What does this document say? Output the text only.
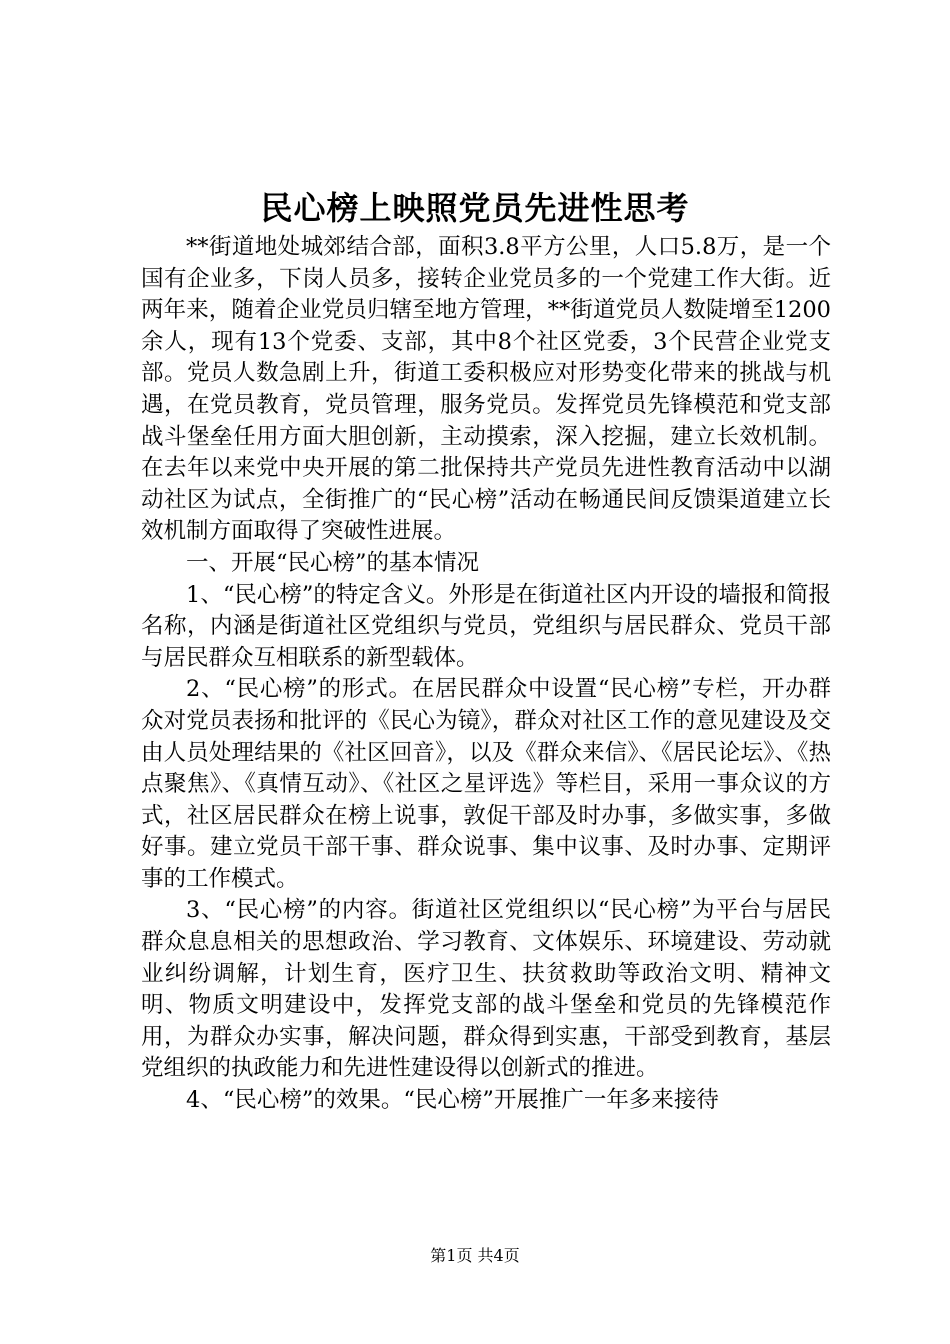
民心榜上映照党员先进性思考

**街道地处城郊结合部，面积3.8平方公里，人口5.8万，是一个国有企业多，下岗人员多，接转企业党员多的一个党建工作大街。近两年来，随着企业党员归辖至地方管理，**街道党员人数陡增至1200余人，现有13个党委、支部，其中8个社区党委，3个民营企业党支部。党员人数急剧上升，街道工委积极应对形势变化带来的挑战与机遇，在党员教育，党员管理，服务党员。发挥党员先锋模范和党支部战斗堡垒任用方面大胆创新，主动摸索，深入挖掘，建立长效机制。在去年以来党中央开展的第二批保持共产党员先进性教育活动中以湖动社区为试点，全街推广的“民心榜”活动在畅通民间反馈渠道建立长效机制方面取得了突破性进展。

一、开展“民心榜”的基本情况

1、“民心榜”的特定含义。外形是在街道社区内开设的墙报和简报名称，内涵是街道社区党组织与党员，党组织与居民群众、党员干部与居民群众互相联系的新型载体。

2、“民心榜”的形式。在居民群众中设置“民心榜”专栏，开办群众对党员表扬和批评的《民心为镜》，群众对社区工作的意见建设及交由人员处理结果的《社区回音》，以及《群众来信》、《居民论坛》、《热点聚焦》、《真情互动》、《社区之星评选》等栏目，采用一事众议的方式，社区居民群众在榜上说事，敦促干部及时办事，多做实事，多做好事。建立党员干部干事、群众说事、集中议事、及时办事、定期评事的工作模式。

3、“民心榜”的内容。街道社区党组织以“民心榜”为平台与居民群众息息相关的思想政治、学习教育、文体娱乐、环境建设、劳动就业纠纷调解，计划生育，医疗卫生、扶贫救助等政治文明、精神文明、物质文明建设中，发挥党支部的战斗堡垒和党员的先锋模范作用，为群众办实事，解决问题，群众得到实惠，干部受到教育，基层党组织的执政能力和先进性建设得以创新式的推进。

4、“民心榜”的效果。“民心榜”开展推广一年多来接待

第1页 共4页
